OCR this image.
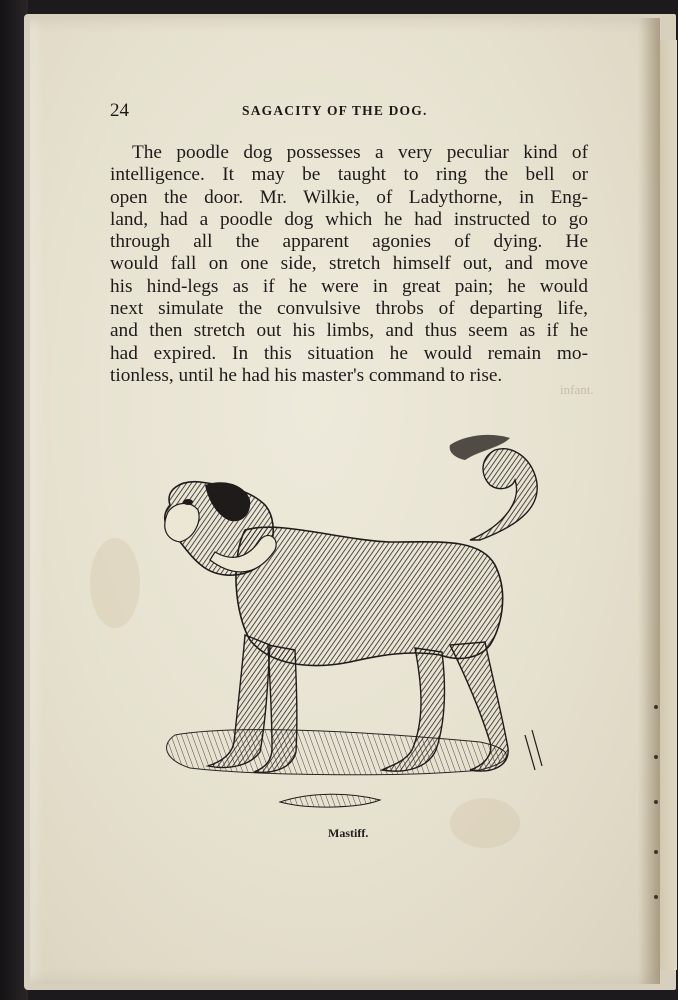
24	SAGACITY OF THE DOG.
The poodle dog possesses a very peculiar kind of
intelligence. It may be taught to ring the bell or
open the door. Mr. Wilkie, of Ladythorne, in Eng-
land, had a poodle dog which he had instructed to go
through all the apparent agonies of dying. He
would fall on one side, stretch himself out, and move
his hind-legs as if he were in great pain; he would
next simulate the convulsive throbs of departing life,
and then stretch out his limbs, and thus seem as if he
had expired. In this situation he would remain mo-
tionless, until he had his master's command to rise.
infant.
Mastiff.
